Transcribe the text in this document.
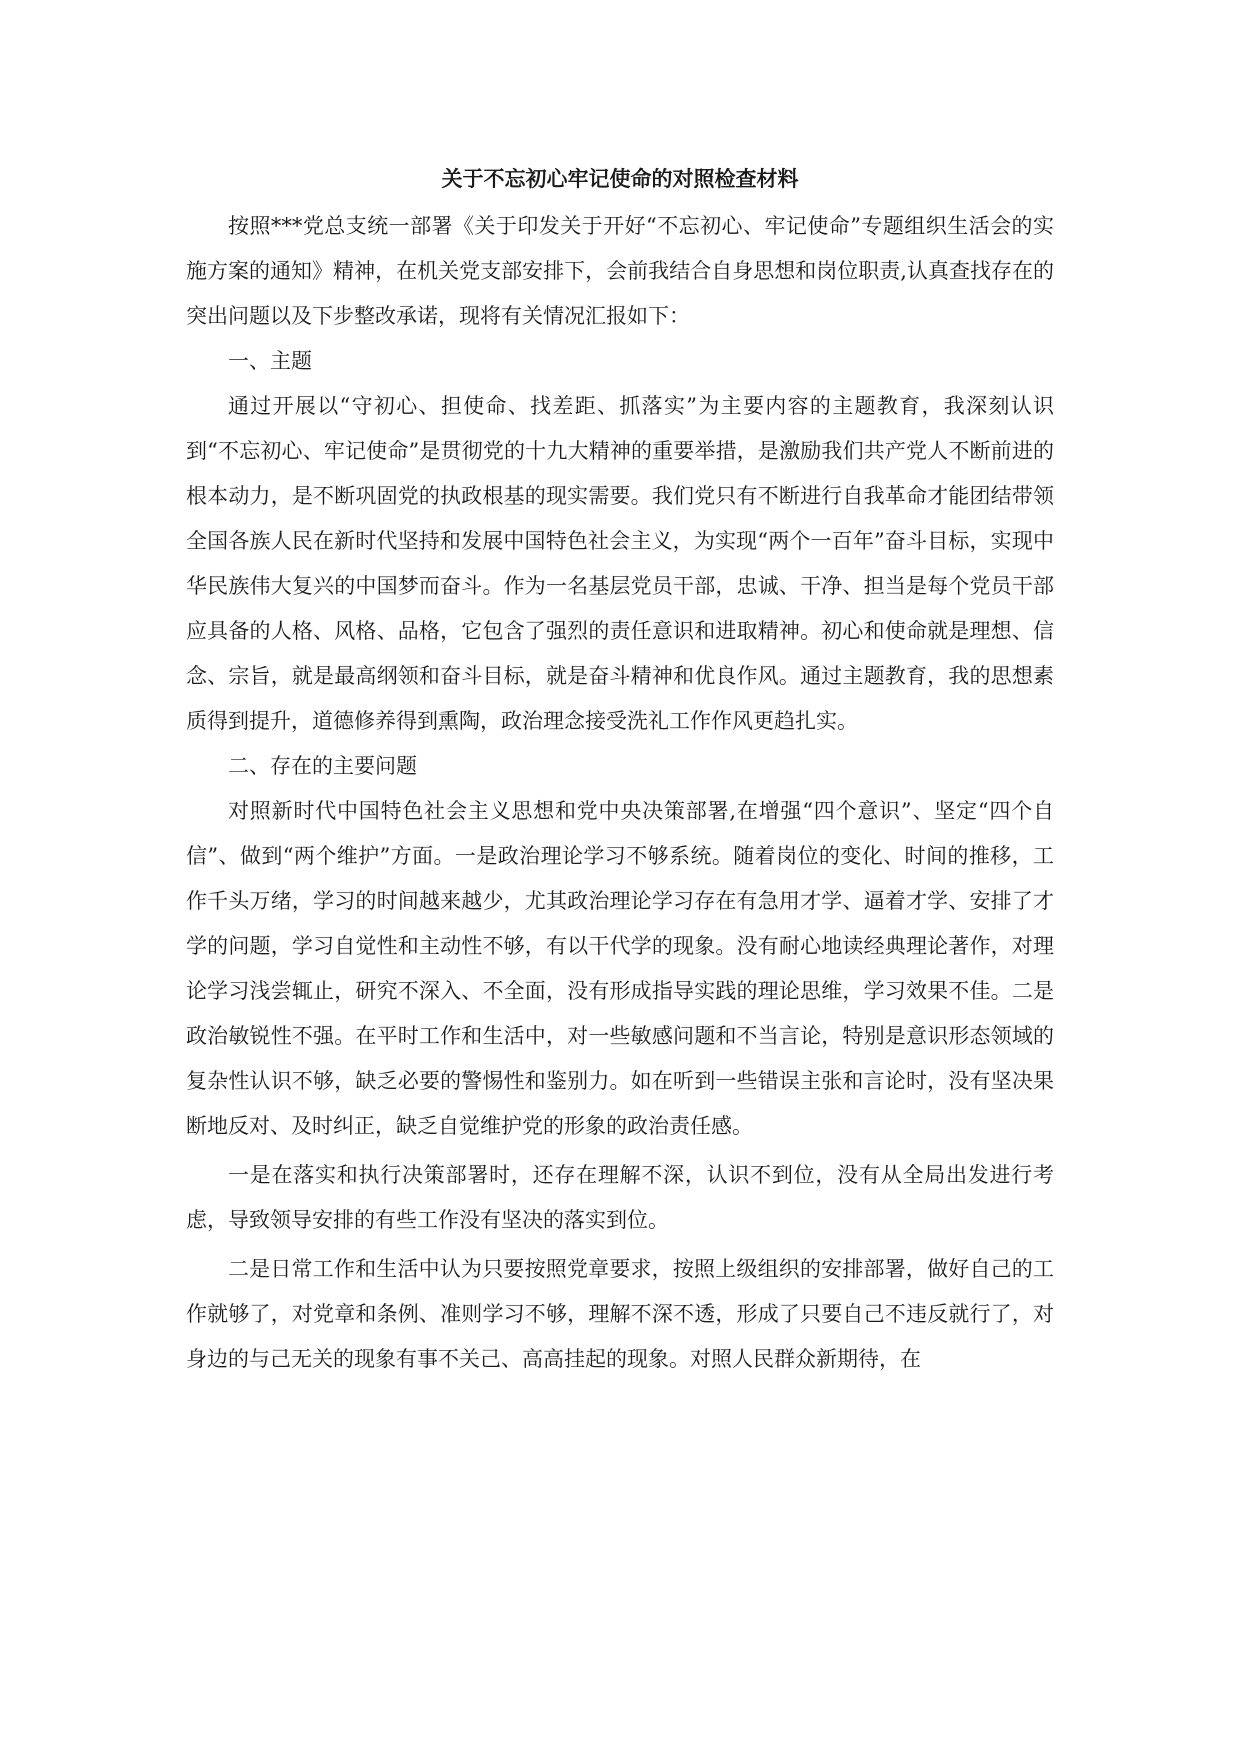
关于不忘初心牢记使命的对照检查材料

按照***党总支统一部署《关于印发关于开好“不忘初心、牢记使命”专题组织生活会的实施方案的通知》精神，在机关党支部安排下，会前我结合自身思想和岗位职责,认真查找存在的突出问题以及下步整改承诺，现将有关情况汇报如下：

一、主题

通过开展以“守初心、担使命、找差距、抓落实”为主要内容的主题教育，我深刻认识到“不忘初心、牢记使命”是贯彻党的十九大精神的重要举措，是激励我们共产党人不断前进的根本动力，是不断巩固党的执政根基的现实需要。我们党只有不断进行自我革命才能团结带领全国各族人民在新时代坚持和发展中国特色社会主义，为实现“两个一百年”奋斗目标，实现中华民族伟大复兴的中国梦而奋斗。作为一名基层党员干部，忠诚、干净、担当是每个党员干部应具备的人格、风格、品格，它包含了强烈的责任意识和进取精神。初心和使命就是理想、信念、宗旨，就是最高纲领和奋斗目标，就是奋斗精神和优良作风。通过主题教育，我的思想素质得到提升，道德修养得到熏陶，政治理念接受洗礼工作作风更趋扎实。

二、存在的主要问题

对照新时代中国特色社会主义思想和党中央决策部署,在增强“四个意识”、坚定“四个自信”、做到“两个维护”方面。一是政治理论学习不够系统。随着岗位的变化、时间的推移，工作千头万绪，学习的时间越来越少，尤其政治理论学习存在有急用才学、逼着才学、安排了才学的问题，学习自觉性和主动性不够，有以干代学的现象。没有耐心地读经典理论著作，对理论学习浅尝辄止，研究不深入、不全面，没有形成指导实践的理论思维，学习效果不佳。二是政治敏锐性不强。在平时工作和生活中，对一些敏感问题和不当言论，特别是意识形态领域的复杂性认识不够，缺乏必要的警惕性和鉴别力。如在听到一些错误主张和言论时，没有坚决果断地反对、及时纠正，缺乏自觉维护党的形象的政治责任感。

一是在落实和执行决策部署时，还存在理解不深，认识不到位，没有从全局出发进行考虑，导致领导安排的有些工作没有坚决的落实到位。

二是日常工作和生活中认为只要按照党章要求，按照上级组织的安排部署，做好自己的工作就够了，对党章和条例、准则学习不够，理解不深不透，形成了只要自己不违反就行了，对身边的与己无关的现象有事不关己、高高挂起的现象。对照人民群众新期待，在
